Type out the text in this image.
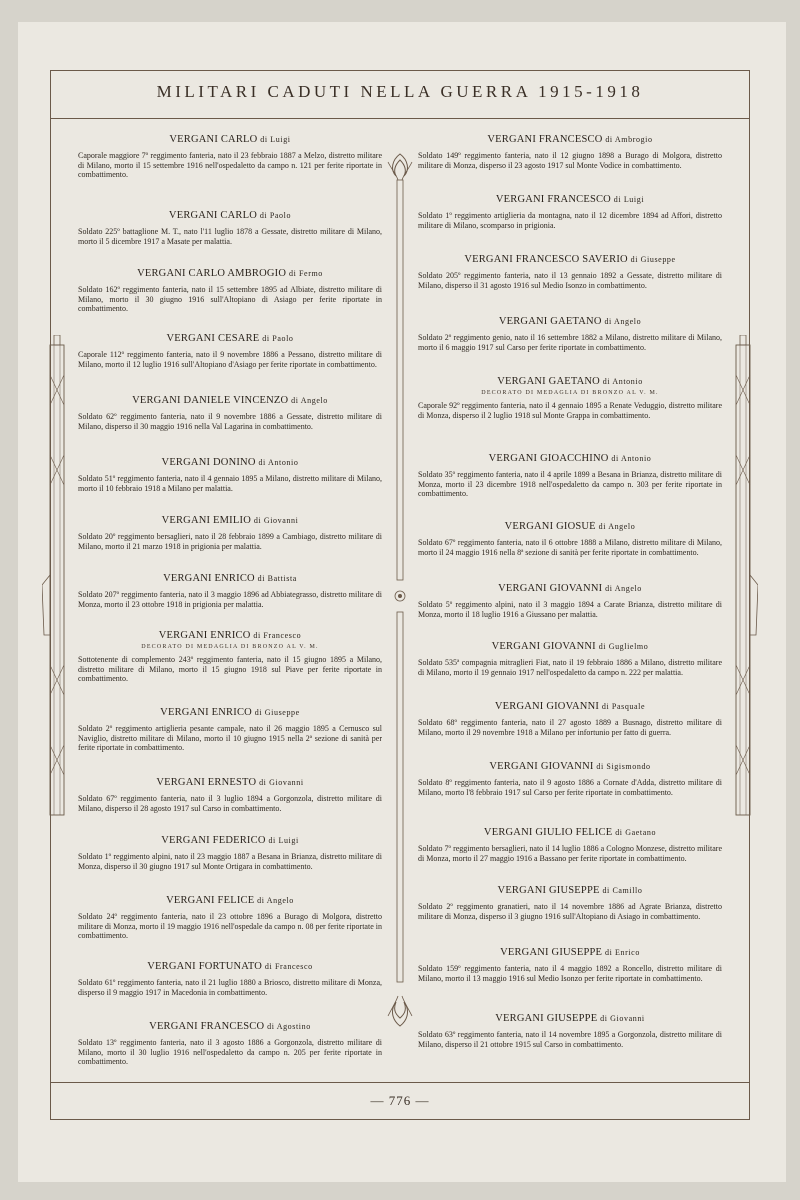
MILITARI CADUTI NELLA GUERRA 1915-1918
VERGANI CARLO di Luigi

Caporale maggiore 7º reggimento fanteria, nato il 23 febbraio 1887 a Melzo, distretto militare di Milano, morto il 15 settembre 1916 nell'ospedaletto da campo n. 121 per ferite riportate in combattimento.

VERGANI CARLO di Paolo

Soldato 225º battaglione M. T., nato l'11 luglio 1878 a Gessate, distretto militare di Milano, morto il 5 dicembre 1917 a Masate per malattia.

VERGANI CARLO AMBROGIO di Fermo

Soldato 162º reggimento fanteria, nato il 15 settembre 1895 ad Albiate, distretto militare di Milano, morto il 30 giugno 1916 sull'Altopiano di Asiago per ferite riportate in combattimento.

VERGANI CESARE di Paolo

Caporale 112º reggimento fanteria, nato il 9 novembre 1886 a Pessano, distretto militare di Milano, morto il 12 luglio 1916 sull'Altopiano d'Asiago per ferite riportate in combattimento.

VERGANI DANIELE VINCENZO di Angelo

Soldato 62º reggimento fanteria, nato il 9 novembre 1886 a Gessate, distretto militare di Milano, disperso il 30 maggio 1916 nella Val Lagarina in combattimento.

VERGANI DONINO di Antonio

Soldato 51º reggimento fanteria, nato il 4 gennaio 1895 a Milano, distretto militare di Milano, morto il 10 febbraio 1918 a Milano per malattia.

VERGANI EMILIO di Giovanni

Soldato 20º reggimento bersaglieri, nato il 28 febbraio 1899 a Cambiago, distretto militare di Milano, morto il 21 marzo 1918 in prigionia per malattia.

VERGANI ENRICO di Battista

Soldato 207º reggimento fanteria, nato il 3 maggio 1896 ad Abbiategrasso, distretto militare di Monza, morto il 23 ottobre 1918 in prigionia per malattia.

VERGANI ENRICO di Francesco
DECORATO DI MEDAGLIA DI BRONZO AL V. M.

Sottotenente di complemento 243º reggimento fanteria, nato il 15 giugno 1895 a Milano, distretto militare di Milano, morto il 15 giugno 1918 sul Piave per ferite riportate in combattimento.

VERGANI ENRICO di Giuseppe

Soldato 2º reggimento artiglieria pesante campale, nato il 26 maggio 1895 a Cernusco sul Naviglio, distretto militare di Milano, morto il 10 giugno 1915 nella 2ª sezione di sanità per ferite riportate in combattimento.

VERGANI ERNESTO di Giovanni

Soldato 67º reggimento fanteria, nato il 3 luglio 1894 a Gorgonzola, distretto militare di Milano, disperso il 28 agosto 1917 sul Carso in combattimento.

VERGANI FEDERICO di Luigi

Soldato 1º reggimento alpini, nato il 23 maggio 1887 a Besana in Brianza, distretto militare di Monza, disperso il 30 giugno 1917 sul Monte Ortigara in combattimento.

VERGANI FELICE di Angelo

Soldato 24º reggimento fanteria, nato il 23 ottobre 1896 a Burago di Molgora, distretto militare di Monza, morto il 19 maggio 1916 nell'ospedale da campo n. 08 per ferite riportate in combattimento.

VERGANI FORTUNATO di Francesco

Soldato 61º reggimento fanteria, nato il 21 luglio 1880 a Briosco, distretto militare di Monza, disperso il 9 maggio 1917 in Macedonia in combattimento.

VERGANI FRANCESCO di Agostino

Soldato 13º reggimento fanteria, nato il 3 agosto 1886 a Gorgonzola, distretto militare di Milano, morto il 30 luglio 1916 nell'ospedaletto da campo n. 205 per ferite riportate in combattimento.

VERGANI FRANCESCO di Ambrogio

Soldato 149º reggimento fanteria, nato il 12 giugno 1898 a Burago di Molgora, distretto militare di Monza, disperso il 23 agosto 1917 sul Monte Vodice in combattimento.

VERGANI FRANCESCO di Luigi

Soldato 1º reggimento artiglieria da montagna, nato il 12 dicembre 1894 ad Affori, distretto militare di Milano, scomparso in prigionia.

VERGANI FRANCESCO SAVERIO di Giuseppe

Soldato 205º reggimento fanteria, nato il 13 gennaio 1892 a Gessate, distretto militare di Milano, disperso il 31 agosto 1916 sul Medio Isonzo in combattimento.

VERGANI GAETANO di Angelo

Soldato 2º reggimento genio, nato il 16 settembre 1882 a Milano, distretto militare di Milano, morto il 6 maggio 1917 sul Carso per ferite riportate in combattimento.

VERGANI GAETANO di Antonio
DECORATO DI MEDAGLIA DI BRONZO AL V. M.

Caporale 92º reggimento fanteria, nato il 4 gennaio 1895 a Renate Veduggio, distretto militare di Monza, disperso il 2 luglio 1918 sul Monte Grappa in combattimento.

VERGANI GIOACCHINO di Antonio

Soldato 35º reggimento fanteria, nato il 4 aprile 1899 a Besana in Brianza, distretto militare di Monza, morto il 23 dicembre 1918 nell'ospedaletto da campo n. 303 per ferite riportate in combattimento.

VERGANI GIOSUÈ di Angelo

Soldato 67º reggimento fanteria, nato il 6 ottobre 1888 a Milano, distretto militare di Milano, morto il 24 maggio 1916 nella 8ª sezione di sanità per ferite riportate in combattimento.

VERGANI GIOVANNI di Angelo

Soldato 5º reggimento alpini, nato il 3 maggio 1894 a Carate Brianza, distretto militare di Monza, morto il 18 luglio 1916 a Giussano per malattia.

VERGANI GIOVANNI di Guglielmo

Soldato 535ª compagnia mitraglieri Fiat, nato il 19 febbraio 1886 a Milano, distretto militare di Milano, morto il 19 gennaio 1917 nell'ospedaletto da campo n. 222 per malattia.

VERGANI GIOVANNI di Pasquale

Soldato 68º reggimento fanteria, nato il 27 agosto 1889 a Busnago, distretto militare di Milano, morto il 29 novembre 1918 a Milano per infortunio per fatto di guerra.

VERGANI GIOVANNI di Sigismondo

Soldato 8º reggimento fanteria, nato il 9 agosto 1886 a Cornate d'Adda, distretto militare di Milano, morto l'8 febbraio 1917 sul Carso per ferite riportate in combattimento.

VERGANI GIULIO FELICE di Gaetano

Soldato 7º reggimento bersaglieri, nato il 14 luglio 1886 a Cologno Monzese, distretto militare di Monza, morto il 27 maggio 1916 a Bassano per ferite riportate in combattimento.

VERGANI GIUSEPPE di Camillo

Soldato 2º reggimento granatieri, nato il 14 novembre 1886 ad Agrate Brianza, distretto militare di Monza, disperso il 3 giugno 1916 sull'Altopiano di Asiago in combattimento.

VERGANI GIUSEPPE di Enrico

Soldato 159º reggimento fanteria, nato il 4 maggio 1892 a Roncello, distretto militare di Milano, morto il 13 maggio 1916 sul Medio Isonzo per ferite riportate in combattimento.

VERGANI GIUSEPPE di Giovanni

Soldato 63º reggimento fanteria, nato il 14 novembre 1895 a Gorgonzola, distretto militare di Milano, disperso il 21 ottobre 1915 sul Carso in combattimento.

— 776 —
